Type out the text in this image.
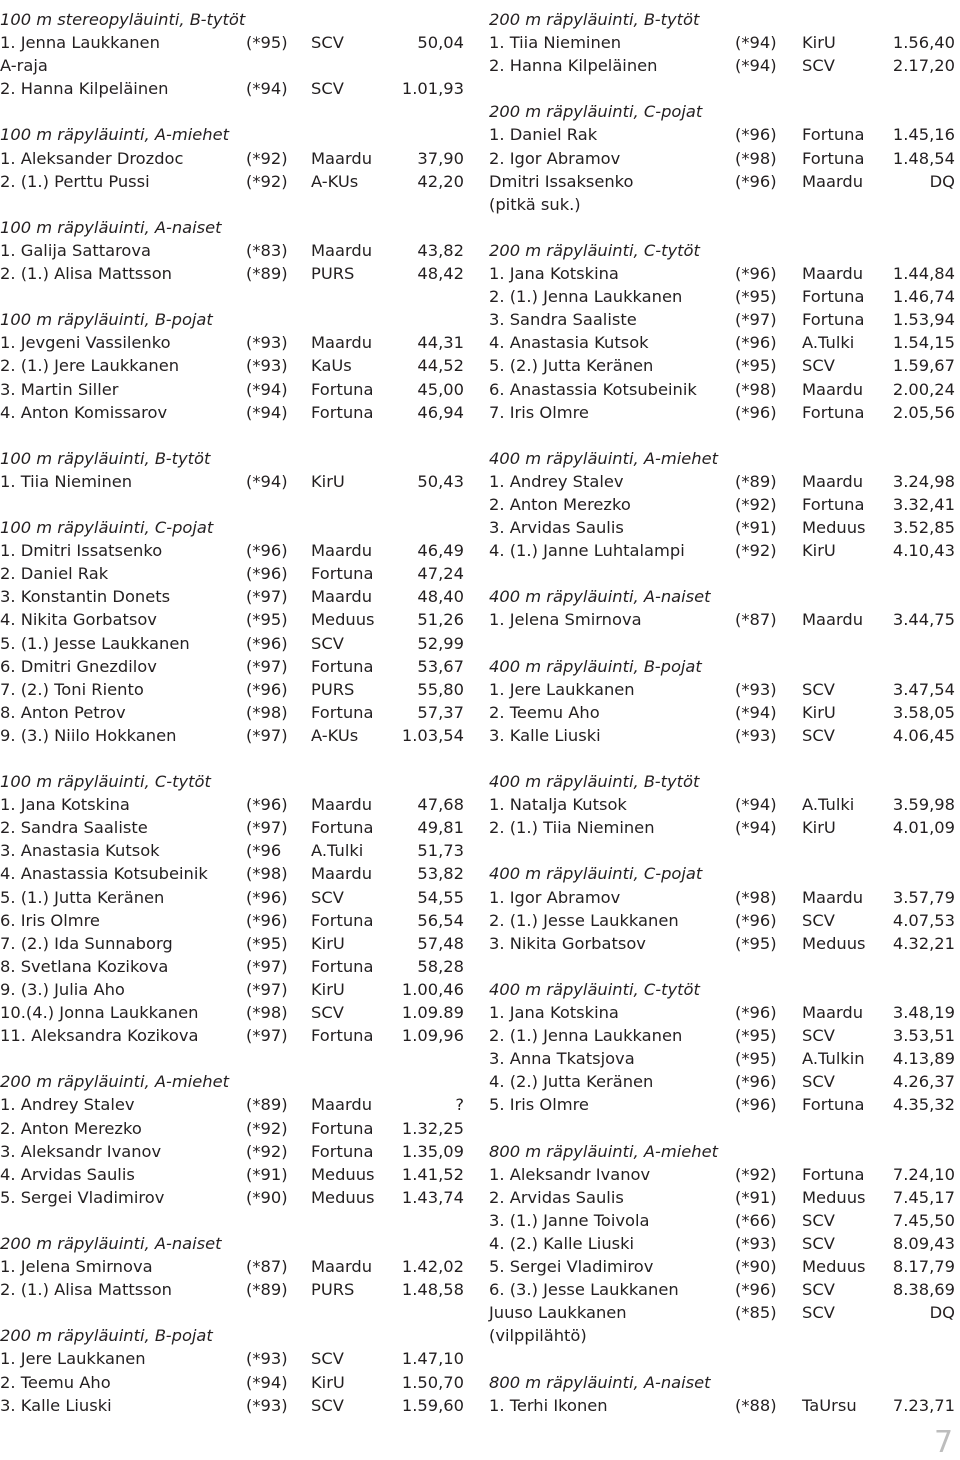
100 m stereopyläuinti, B-tytöt
1. Jenna Laukkanen	(*95) SCV	50,04
A-raja
2. Hanna Kilpeläinen	(*94) SCV	1.01,93
100 m räpyläuinti, A-miehet
1. Aleksander Drozdoc	(*92) Maardu	37,90
2. (1.) Perttu Pussi	(*92) A-KUs	42,20
100 m räpyläuinti, A-naiset
1. Galija Sattarova	(*83) Maardu	43,82
2. (1.) Alisa Mattsson	(*89) PURS	48,42
100 m räpyläuinti, B-pojat
1. Jevgeni Vassilenko	(*93) Maardu	44,31
2. (1.) Jere Laukkanen	(*93) KaUs	44,52
3. Martin Siller	(*94) Fortuna	45,00
4. Anton Komissarov	(*94) Fortuna	46,94
100 m räpyläuinti, B-tytöt
1. Tiia Nieminen	(*94) KirU	50,43
100 m räpyläuinti, C-pojat
1. Dmitri Issatsenko	(*96) Maardu	46,49
2. Daniel Rak	(*96) Fortuna	47,24
3. Konstantin Donets	(*97) Maardu	48,40
4. Nikita Gorbatsov	(*95) Meduus	51,26
5. (1.) Jesse Laukkanen	(*96) SCV	52,99
6. Dmitri Gnezdilov	(*97) Fortuna	53,67
7. (2.) Toni Riento	(*96) PURS	55,80
8. Anton Petrov	(*98) Fortuna	57,37
9. (3.) Niilo Hokkanen	(*97) A-KUs	1.03,54
100 m räpyläuinti, C-tytöt
1. Jana Kotskina	(*96) Maardu	47,68
2. Sandra Saaliste	(*97) Fortuna	49,81
3. Anastasia Kutsok	(*96 A.Tulki	51,73
4. Anastassia Kotsubeinik (*98) Maardu	53,82
5. (1.) Jutta Keränen	(*96) SCV	54,55
6. Iris Olmre	(*96) Fortuna	56,54
7. (2.) Ida Sunnaborg	(*95) KirU	57,48
8. Svetlana Kozikova	(*97) Fortuna	58,28
9. (3.) Julia Aho	(*97) KirU	1.00,46
10.(4.) Jonna Laukkanen	(*98) SCV	1.09.89
11. Aleksandra Kozikova	(*97) Fortuna 1.09,96
200 m räpyläuinti, A-miehet
1. Andrey Stalev	(*89) Maardu	?
2. Anton Merezko	(*92) Fortuna 1.32,25
3. Aleksandr Ivanov	(*92) Fortuna 1.35,09
4. Arvidas Saulis	(*91) Meduus 1.41,52
5. Sergei Vladimirov	(*90) Meduus 1.43,74
200 m räpyläuinti, A-naiset
1. Jelena Smirnova	(*87) Maardu 1.42,02
2. (1.) Alisa Mattsson	(*89) PURS	1.48,58
200 m räpyläuinti, B-pojat
1. Jere Laukkanen	(*93) SCV	1.47,10
2. Teemu Aho	(*94) KirU	1.50,70
3. Kalle Liuski	(*93) SCV	1.59,60
200 m räpyläuinti, B-tytöt
1. Tiia Nieminen	(*94) KirU	1.56,40
2. Hanna Kilpeläinen	(*94) SCV	2.17,20
200 m räpyläuinti, C-pojat
1. Daniel Rak	(*96) Fortuna 1.45,16
2. Igor Abramov	(*98) Fortuna 1.48,54
Dmitri Issaksenko	(*96) Maardu	DQ
(pitkä suk.)
200 m räpyläuinti, C-tytöt
1. Jana Kotskina	(*96) Maardu 1.44,84
2. (1.) Jenna Laukkanen	(*95) Fortuna 1.46,74
3. Sandra Saaliste	(*97) Fortuna 1.53,94
4. Anastasia Kutsok	(*96) A.Tulki 1.54,15
5. (2.) Jutta Keränen	(*95) SCV	1.59,67
6. Anastassia Kotsubeinik (*98) Maardu 2.00,24
7. Iris Olmre	(*96) Fortuna 2.05,56
400 m räpyläuinti, A-miehet
1. Andrey Stalev	(*89) Maardu 3.24,98
2. Anton Merezko	(*92) Fortuna 3.32,41
3. Arvidas Saulis	(*91) Meduus 3.52,85
4. (1.) Janne Luhtalampi	(*92) KirU	4.10,43
400 m räpyläuinti, A-naiset
1. Jelena Smirnova	(*87) Maardu 3.44,75
400 m räpyläuinti, B-pojat
1. Jere Laukkanen	(*93) SCV	3.47,54
2. Teemu Aho	(*94) KirU	3.58,05
3. Kalle Liuski	(*93) SCV	4.06,45
400 m räpyläuinti, B-tytöt
1. Natalja Kutsok	(*94) A.Tulki 3.59,98
2. (1.) Tiia Nieminen	(*94) KirU	4.01,09
400 m räpyläuinti, C-pojat
1. Igor Abramov	(*98) Maardu 3.57,79
2. (1.) Jesse Laukkanen	(*96) SCV	4.07,53
3. Nikita Gorbatsov	(*95) Meduus 4.32,21
400 m räpyläuinti, C-tytöt
1. Jana Kotskina	(*96) Maardu 3.48,19
2. (1.) Jenna Laukkanen	(*95) SCV	3.53,51
3. Anna Tkatsjova	(*95) A.Tulkin 4.13,89
4. (2.) Jutta Keränen	(*96) SCV	4.26,37
5. Iris Olmre	(*96) Fortuna 4.35,32
800 m räpyläuinti, A-miehet
1. Aleksandr Ivanov	(*92) Fortuna 7.24,10
2. Arvidas Saulis	(*91) Meduus 7.45,17
3. (1.) Janne Toivola	(*66) SCV	7.45,50
4. (2.) Kalle Liuski	(*93) SCV	8.09,43
5. Sergei Vladimirov	(*90) Meduus 8.17,79
6. (3.) Jesse Laukkanen	(*96) SCV	8.38,69
Juuso Laukkanen	(*85) SCV	DQ
(vilppilähtö)
800 m räpyläuinti, A-naiset
1. Terhi Ikonen	(*88) TaUrsu 7.23,71
7
